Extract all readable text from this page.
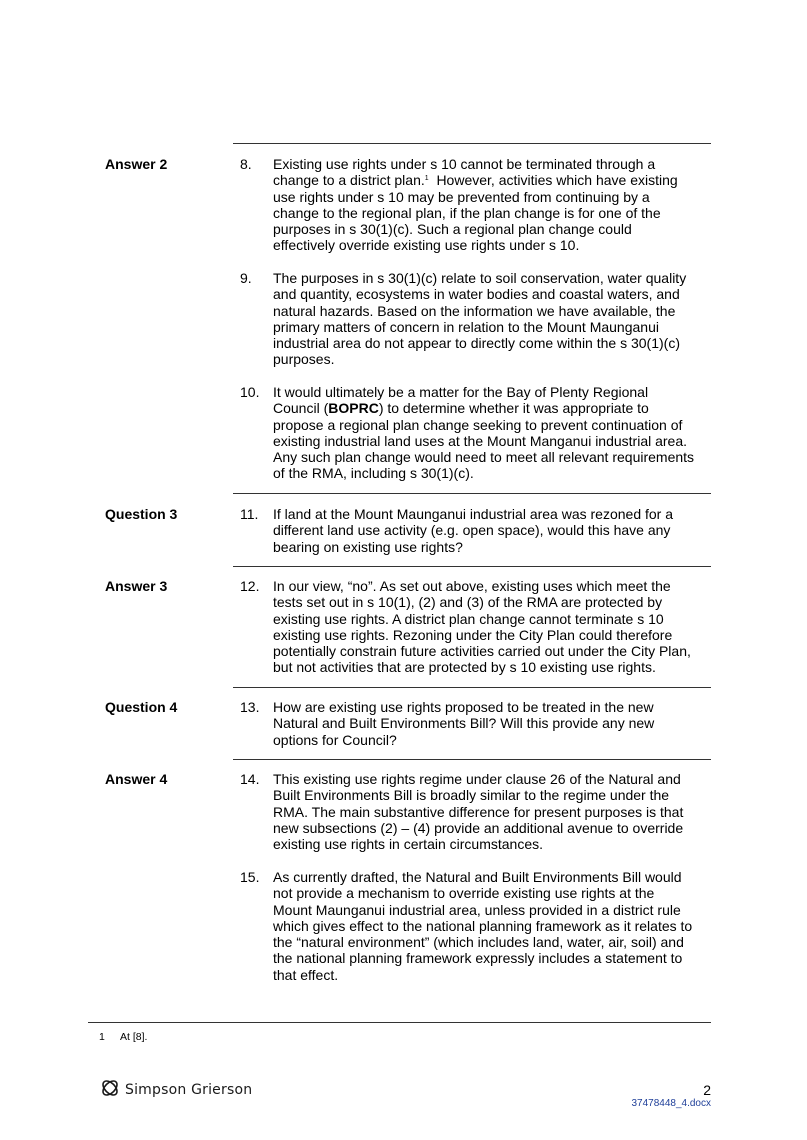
Answer 2
Question 3
Answer 3
Question 4
Answer 4
8. Existing use rights under s 10 cannot be terminated through a
change to a district plan.$^1$  However, activities which have existing
use rights under s 10 may be prevented from continuing by a
change to the regional plan, if the plan change is for one of the
purposes in s 30(1)(c). Such a regional plan change could
effectively override existing use rights under s 10.
9. The purposes in s 30(1)(c) relate to soil conservation, water quality
and quantity, ecosystems in water bodies and coastal waters, and
natural hazards. Based on the information we have available, the
primary matters of concern in relation to the Mount Maunganui
industrial area do not appear to directly come within the s 30(1)(c)
purposes.
10. It would ultimately be a matter for the Bay of Plenty Regional
Council (BOPRC) to determine whether it was appropriate to
propose a regional plan change seeking to prevent continuation of
existing industrial land uses at the Mount Manganui industrial area.
Any such plan change would need to meet all relevant requirements
of the RMA, including s 30(1)(c).
11. If land at the Mount Maunganui industrial area was rezoned for a
different land use activity (e.g. open space), would this have any
bearing on existing use rights?
12. In our view, “no”. As set out above, existing uses which meet the
tests set out in s 10(1), (2) and (3) of the RMA are protected by
existing use rights. A district plan change cannot terminate s 10
existing use rights. Rezoning under the City Plan could therefore
potentially constrain future activities carried out under the City Plan,
but not activities that are protected by s 10 existing use rights.
13. How are existing use rights proposed to be treated in the new
Natural and Built Environments Bill? Will this provide any new
options for Council?
14. This existing use rights regime under clause 26 of the Natural and
Built Environments Bill is broadly similar to the regime under the
RMA. The main substantive difference for present purposes is that
new subsections (2) – (4) provide an additional avenue to override
existing use rights in certain circumstances.
15. As currently drafted, the Natural and Built Environments Bill would
not provide a mechanism to override existing use rights at the
Mount Maunganui industrial area, unless provided in a district rule
which gives effect to the national planning framework as it relates to
the “natural environment” (which includes land, water, air, soil) and
the national planning framework expressly includes a statement to
that effect.
1 At [8].
Simpson Grierson	2
37478448_4.docx
